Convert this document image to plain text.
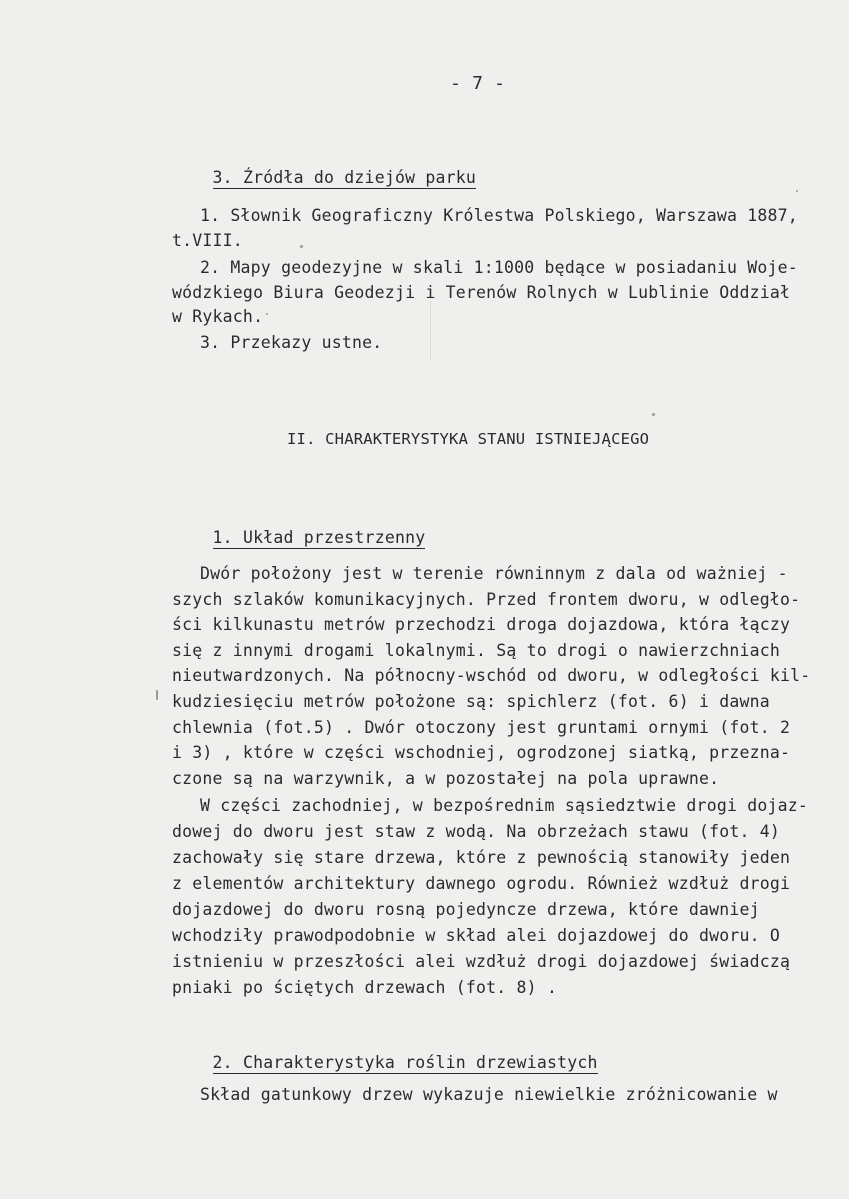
- 7 -

3. Źródła do dziejów parku

1. Słownik Geograficzny Królestwa Polskiego, Warszawa 1887,
t.VIII.
2. Mapy geodezyjne w skali 1:1000 będące w posiadaniu Woje-
wódzkiego Biura Geodezji i Terenów Rolnych w Lublinie Oddział
w Rykach.
3. Przekazy ustne.
II. CHARAKTERYSTYKA STANU ISTNIEJĄCEGO

1. Układ przestrzenny

Dwór położony jest w terenie równinnym z dala od ważniej -
szych szlaków komunikacyjnych. Przed frontem dworu, w odległo-
ści kilkunastu metrów przechodzi droga dojazdowa, która łączy
się z innymi drogami lokalnymi. Są to drogi o nawierzchniach
nieutwardzonych. Na północny-wschód od dworu, w odległości kil-
kudziesięciu metrów położone są: spichlerz (fot. 6) i dawna
chlewnia (fot.5) . Dwór otoczony jest gruntami ornymi (fot. 2
i 3) , które w części wschodniej, ogrodzonej siatką, przezna-
czone są na warzywnik, a w pozostałej na pola uprawne.
W części zachodniej, w bezpośrednim sąsiedztwie drogi dojaz-
dowej do dworu jest staw z wodą. Na obrzeżach stawu (fot. 4)
zachowały się stare drzewa, które z pewnością stanowiły jeden
z elementów architektury dawnego ogrodu. Również wzdłuż drogi
dojazdowej do dworu rosną pojedyncze drzewa, które dawniej
wchodziły prawodpodobnie w skład alei dojazdowej do dworu. O
istnieniu w przeszłości alei wzdłuż drogi dojazdowej świadczą
pniaki po ściętych drzewach (fot. 8) .

2. Charakterystyka roślin drzewiastych

Skład gatunkowy drzew wykazuje niewielkie zróżnicowanie w
